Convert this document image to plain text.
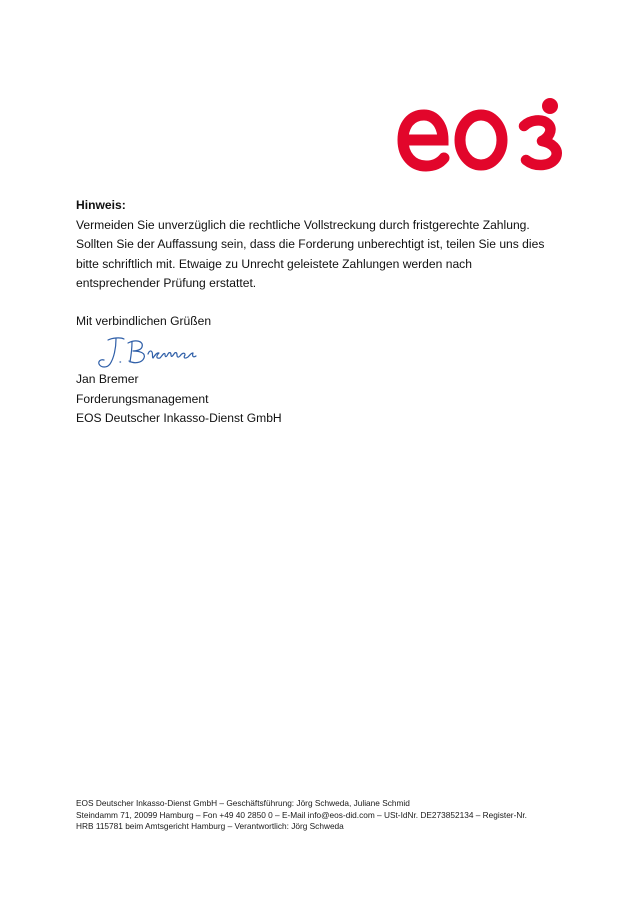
Hinweis:

Vermeiden Sie unverzüglich die rechtliche Vollstreckung durch fristgerechte Zahlung.

Sollten Sie der Auffassung sein, dass die Forderung unberechtigt ist, teilen Sie uns dies bitte schriftlich mit. Etwaige zu Unrecht geleistete Zahlungen werden nach entsprechender Prüfung erstattet.

Mit verbindlichen Grüßen

Jan Bremer
Forderungsmanagement
EOS Deutscher Inkasso-Dienst GmbH
EOS Deutscher Inkasso-Dienst GmbH – Geschäftsführung: Jörg Schweda, Juliane Schmid
Steindamm 71, 20099 Hamburg – Fon +49 40 2850 0 – E-Mail info@eos-did.com – USt-IdNr. DE273852134 – Register-Nr.
HRB 115781 beim Amtsgericht Hamburg – Verantwortlich: Jörg Schweda
